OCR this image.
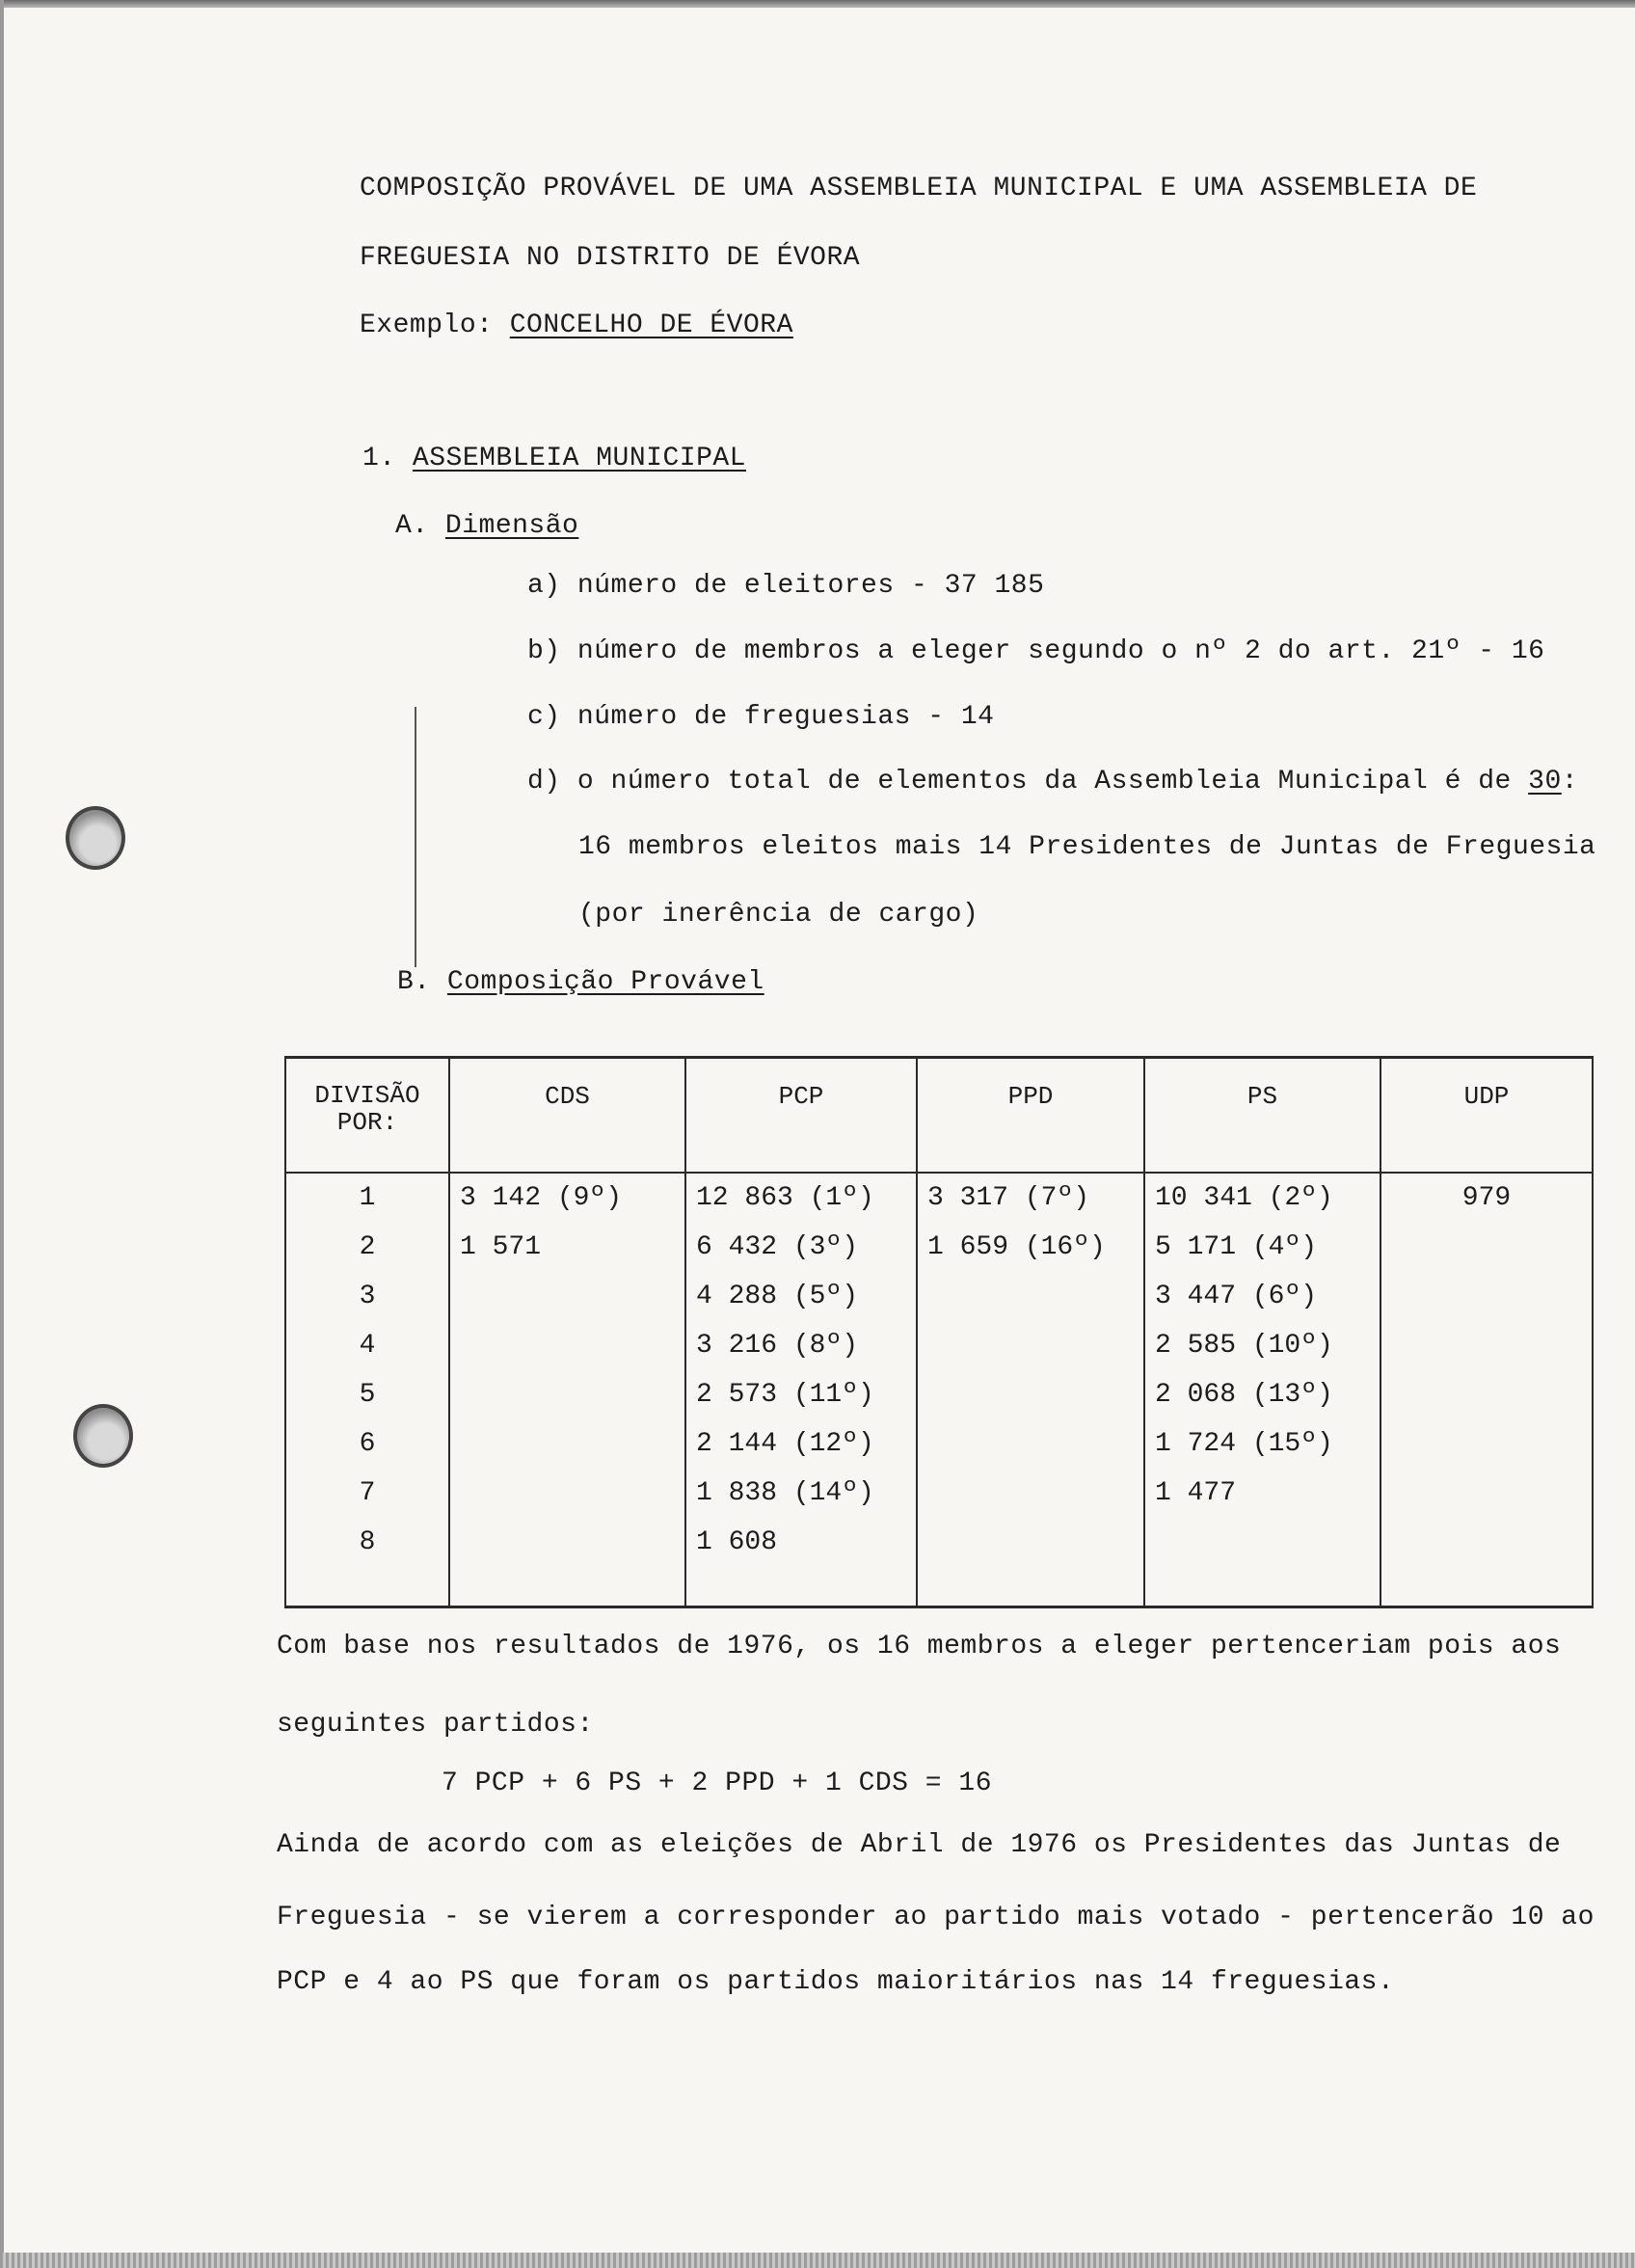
COMPOSIÇÃO PROVÁVEL DE UMA ASSEMBLEIA MUNICIPAL E UMA ASSEMBLEIA DE
FREGUESIA NO DISTRITO DE ÉVORA
Exemplo: CONCELHO DE ÉVORA
1. ASSEMBLEIA MUNICIPAL
A. Dimensão
a) número de eleitores - 37 185
b) número de membros a eleger segundo o nº 2 do art. 21º - 16
c) número de freguesias - 14
d) o número total de elementos da Assembleia Municipal é de 30:
16 membros eleitos mais 14 Presidentes de Juntas de Freguesia
(por inerência de cargo)
B. Composição Provável
DIVISÃO POR:	CDS	PCP	PPD	PS	UDP
1	3 142 (9º)	12 863 (1º)	3 317 (7º)	10 341 (2º)	979
2	1 571	6 432 (3º)	1 659 (16º)	5 171 (4º)	
3		4 288 (5º)		3 447 (6º)	
4		3 216 (8º)		2 585 (10º)	
5		2 573 (11º)		2 068 (13º)	
6		2 144 (12º)		1 724 (15º)	
7		1 838 (14º)		1 477	
8		1 608			

Com base nos resultados de 1976, os 16 membros a eleger pertenceriam pois aos
seguintes partidos:
7 PCP + 6 PS + 2 PPD + 1 CDS = 16
Ainda de acordo com as eleições de Abril de 1976 os Presidentes das Juntas de
Freguesia - se vierem a corresponder ao partido mais votado - pertencerão 10 ao
PCP e 4 ao PS que foram os partidos maioritários nas 14 freguesias.
